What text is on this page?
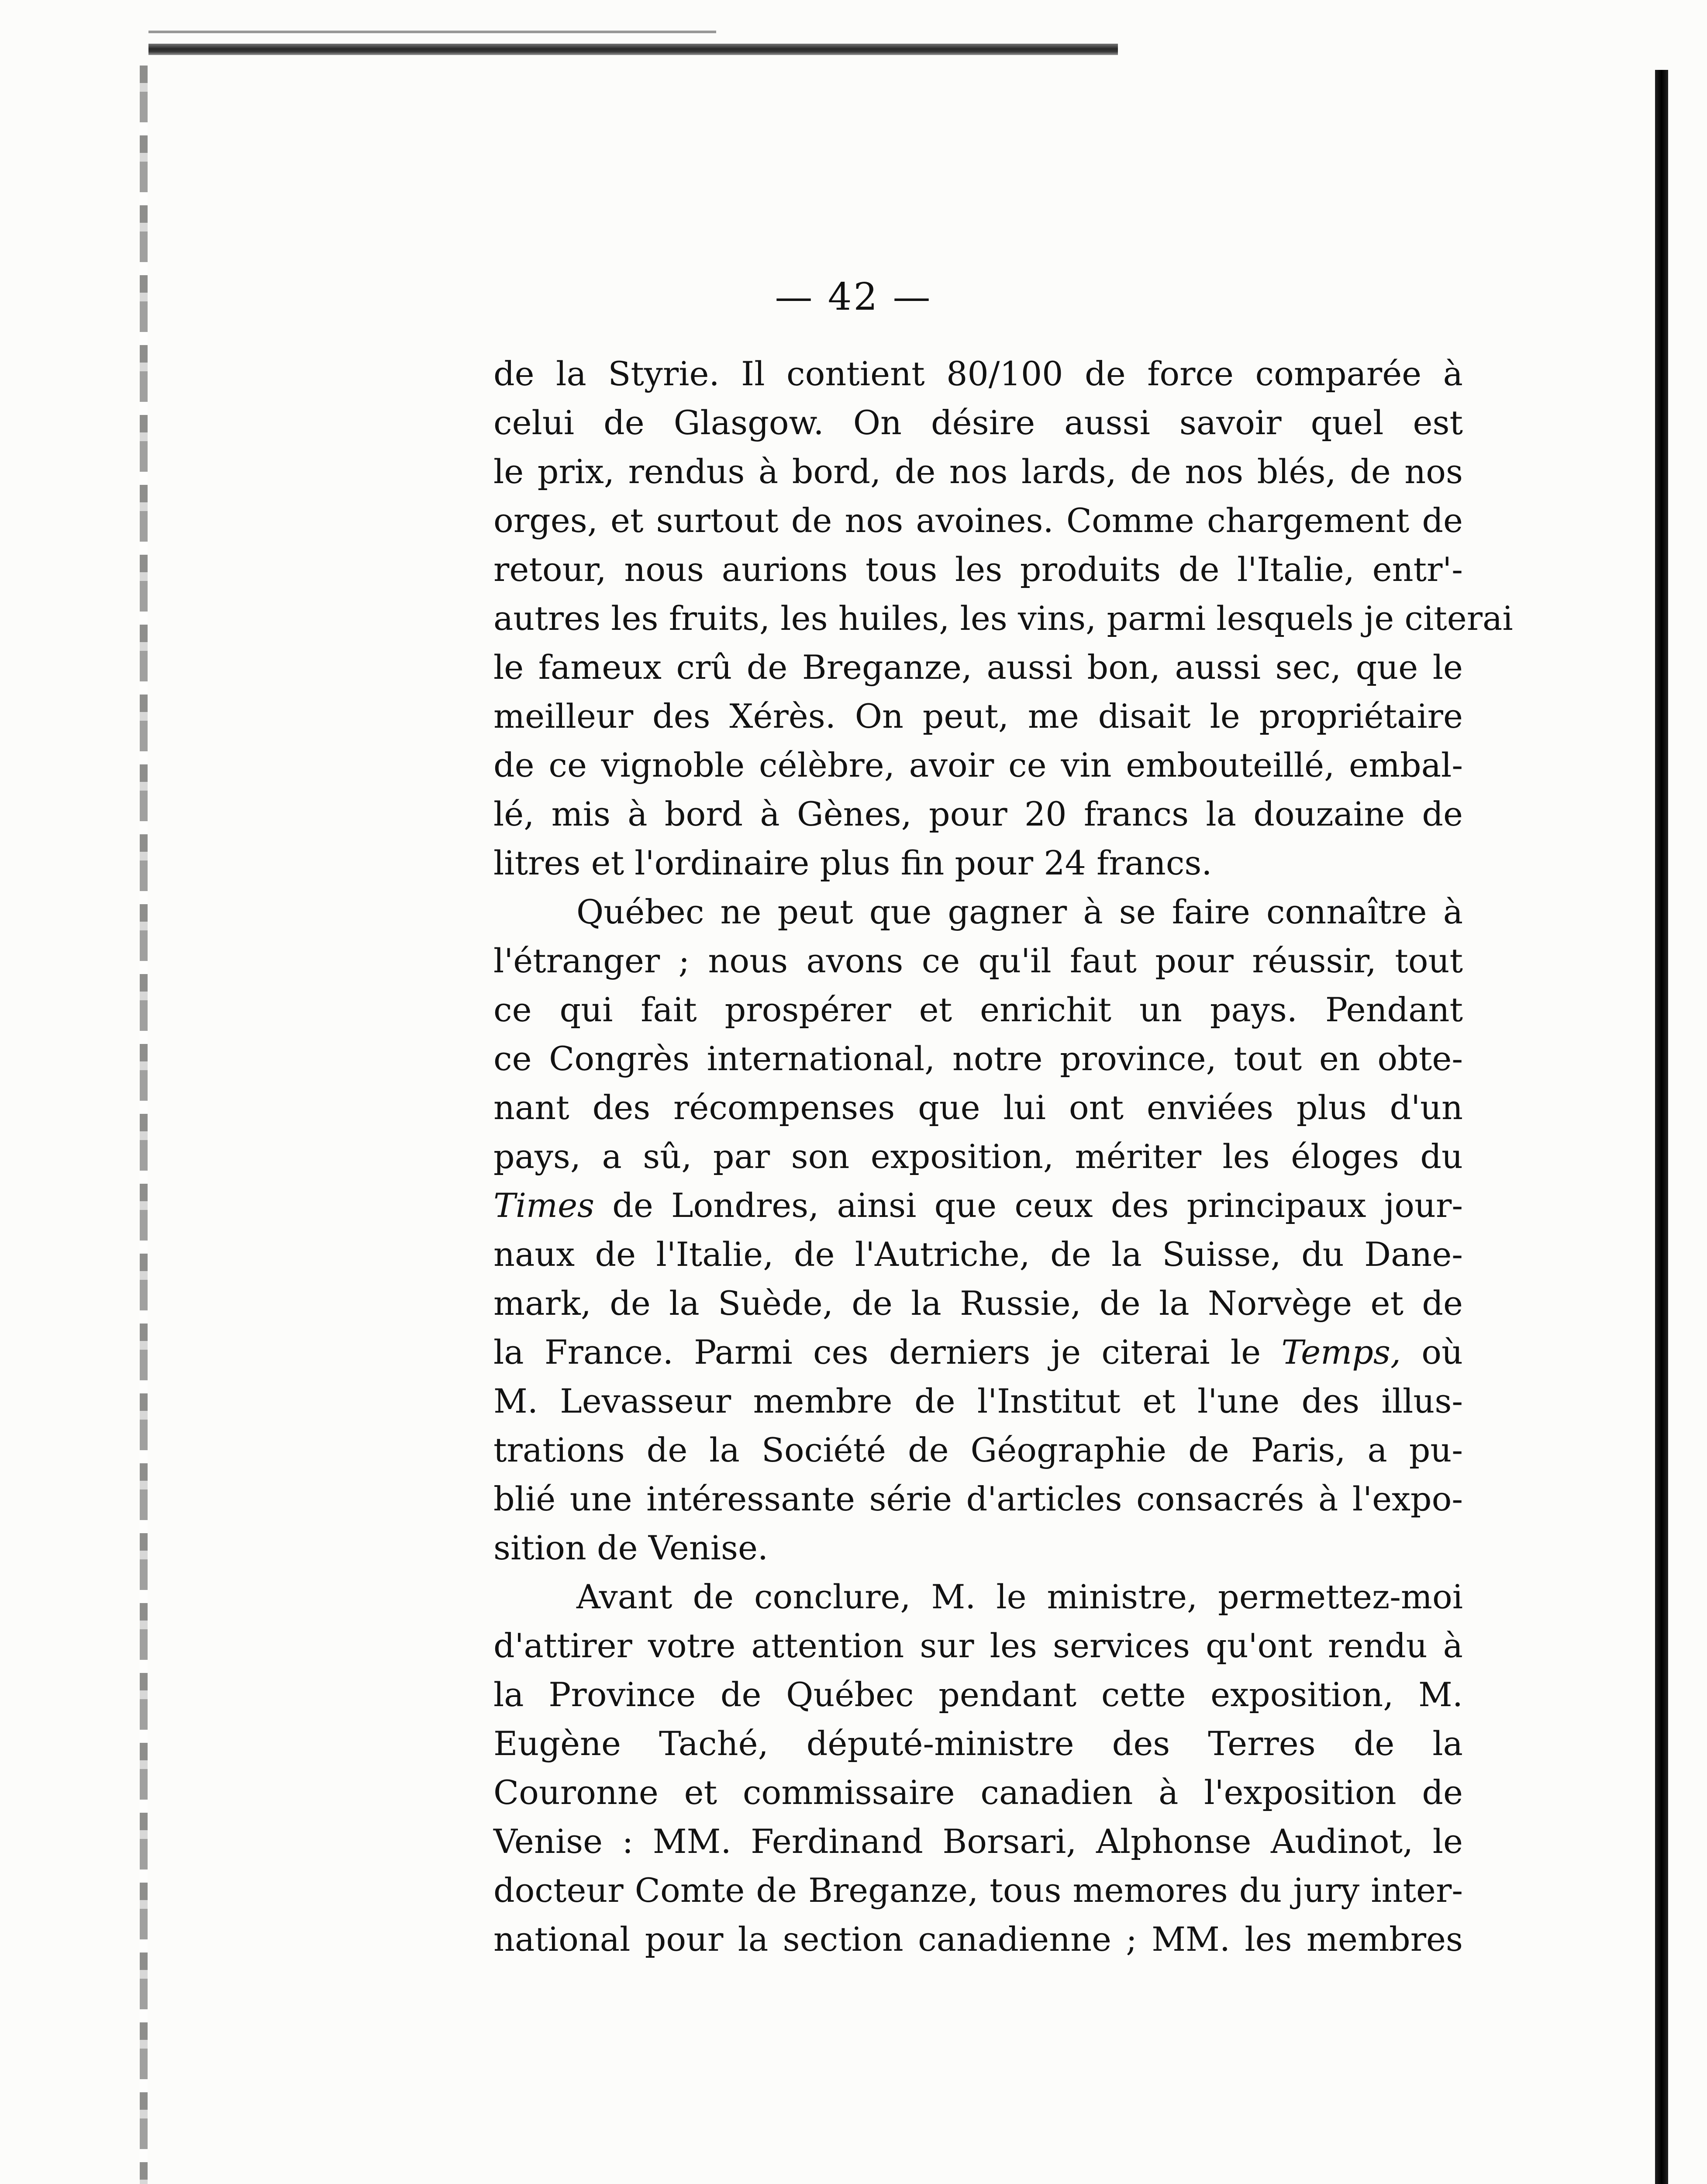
— 42 —

de la Styrie. Il contient 80/100 de force comparée à
celui de Glasgow. On désire aussi savoir quel est
le prix, rendus à bord, de nos lards, de nos blés, de nos
orges, et surtout de nos avoines. Comme chargement de
retour, nous aurions tous les produits de l'Italie, entr'-
autres les fruits, les huiles, les vins, parmi lesquels je citerai
le fameux crû de Breganze, aussi bon, aussi sec, que le
meilleur des Xérès. On peut, me disait le propriétaire
de ce vignoble célèbre, avoir ce vin embouteillé, embal-
lé, mis à bord à Gènes, pour 20 francs la douzaine de
litres et l'ordinaire plus fin pour 24 francs.

Québec ne peut que gagner à se faire connaître à
l'étranger ; nous avons ce qu'il faut pour réussir, tout
ce qui fait prospérer et enrichit un pays. Pendant
ce Congrès international, notre province, tout en obte-
nant des récompenses que lui ont enviées plus d'un
pays, a sû, par son exposition, mériter les éloges du
Times de Londres, ainsi que ceux des principaux jour-
naux de l'Italie, de l'Autriche, de la Suisse, du Dane-
mark, de la Suède, de la Russie, de la Norvège et de
la France. Parmi ces derniers je citerai le Temps, où
M. Levasseur membre de l'Institut et l'une des illus-
trations de la Société de Géographie de Paris, a pu-
blié une intéressante série d'articles consacrés à l'expo-
sition de Venise.

Avant de conclure, M. le ministre, permettez-moi
d'attirer votre attention sur les services qu'ont rendu à
la Province de Québec pendant cette exposition, M.
Eugène Taché, député-ministre des Terres de la
Couronne et commissaire canadien à l'exposition de
Venise : MM. Ferdinand Borsari, Alphonse Audinot, le
docteur Comte de Breganze, tous memores du jury inter-
national pour la section canadienne ; MM. les membres
